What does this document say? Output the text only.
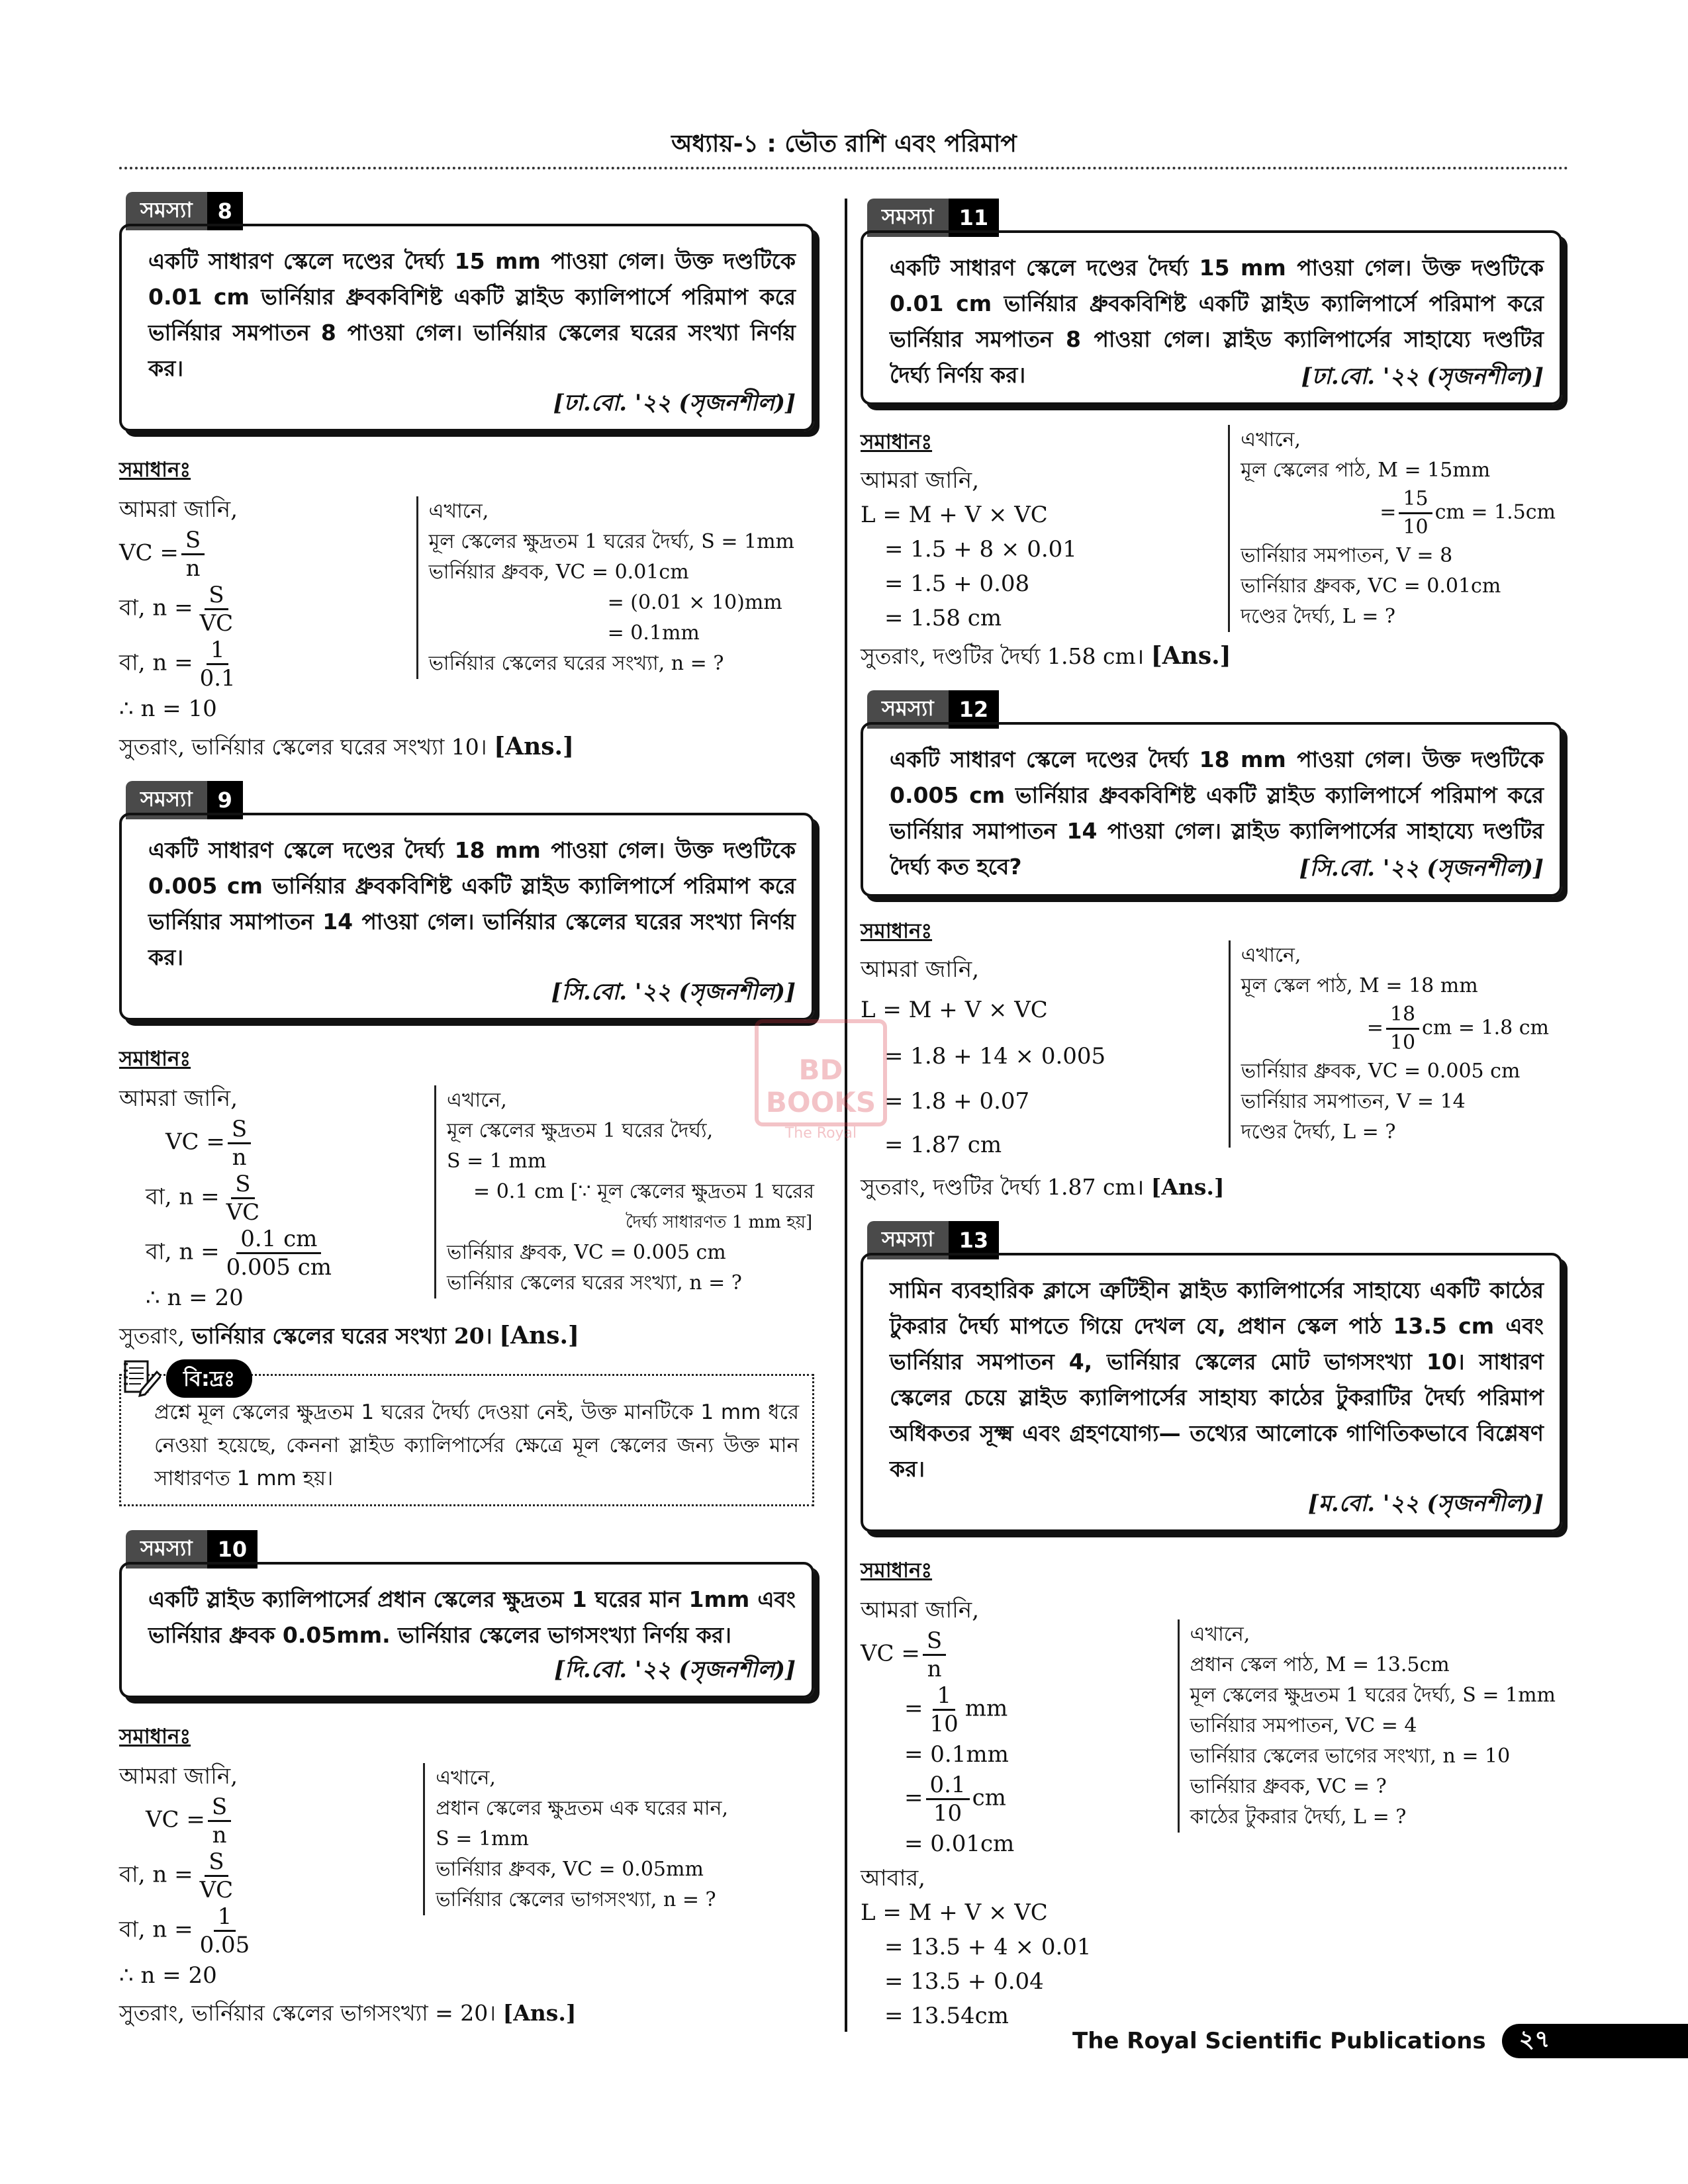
অধ্যায়-১ : ভৌত রাশি এবং পরিমাপ
সমস্যা	8
একটি সাধারণ স্কেলে দণ্ডের দৈর্ঘ্য 15 mm পাওয়া গেল। উক্ত দণ্ডটিকে 0.01 cm ভার্নিয়ার ধ্রুবকবিশিষ্ট একটি স্লাইড ক্যালিপার্সে পরিমাপ করে ভার্নিয়ার সমপাতন 8 পাওয়া গেল। ভার্নিয়ার স্কেলের ঘরের সংখ্যা নির্ণয় কর।
[ঢা.বো. '২২ (সৃজনশীল)]
সমাধানঃ
আমরা জানি,
VC = $\frac{S}{n}$
বা, $n = \frac{S}{VC}$
বা, $n = \frac{1}{0.1}$
∴ n = 10
এখানে,
মূল স্কেলের ক্ষুদ্রতম 1 ঘরের দৈর্ঘ্য, S = 1mm
ভার্নিয়ার ধ্রুবক, VC = 0.01cm
= (0.01 × 10)mm
= 0.1mm
ভার্নিয়ার স্কেলের ঘরের সংখ্যা, n = ?
সুতরাং, ভার্নিয়ার স্কেলের ঘরের সংখ্যা 10। [Ans.]
সমস্যা	9
একটি সাধারণ স্কেলে দণ্ডের দৈর্ঘ্য 18 mm পাওয়া গেল। উক্ত দণ্ডটিকে 0.005 cm ভার্নিয়ার ধ্রুবকবিশিষ্ট একটি স্লাইড ক্যালিপার্সে পরিমাপ করে ভার্নিয়ার সমাপাতন 14 পাওয়া গেল। ভার্নিয়ার স্কেলের ঘরের সংখ্যা নির্ণয় কর।
[সি.বো. '২২ (সৃজনশীল)]
সমাধানঃ
আমরা জানি,
VC = $\frac{S}{n}$
বা, $n = \frac{S}{VC}$
বা, $n = \frac{0.1 cm}{0.005 cm}$
∴ n = 20
এখানে,
মূল স্কেলের ক্ষুদ্রতম 1 ঘরের দৈর্ঘ্য,
S = 1 mm
= 0.1 cm [∵ মূল স্কেলের ক্ষুদ্রতম 1 ঘরের
দৈর্ঘ্য সাধারণত 1 mm হয়]
ভার্নিয়ার ধ্রুবক, VC = 0.005 cm
ভার্নিয়ার স্কেলের ঘরের সংখ্যা, n = ?
সুতরাং, ভার্নিয়ার স্কেলের ঘরের সংখ্যা 20। [Ans.]
বি:দ্রঃ
প্রশ্নে মূল স্কেলের ক্ষুদ্রতম 1 ঘরের দৈর্ঘ্য দেওয়া নেই, উক্ত মানটিকে 1 mm ধরে নেওয়া হয়েছে, কেননা স্লাইড ক্যালিপার্সের ক্ষেত্রে মূল স্কেলের জন্য উক্ত মান সাধারণত 1 mm হয়।
সমস্যা	10
একটি স্লাইড ক্যালিপাসের্র প্রধান স্কেলের ক্ষুদ্রতম 1 ঘরের মান 1mm এবং ভার্নিয়ার ধ্রুবক 0.05mm. ভার্নিয়ার স্কেলের ভাগসংখ্যা নির্ণয় কর।
[দি.বো. '২২ (সৃজনশীল)]
সমাধানঃ
আমরা জানি,
VC = $\frac{S}{n}$
বা, $n = \frac{S}{VC}$
বা, $n = \frac{1}{0.05}$
∴ n = 20
এখানে,
প্রধান স্কেলের ক্ষুদ্রতম এক ঘরের মান,
S = 1mm
ভার্নিয়ার ধ্রুবক, VC = 0.05mm
ভার্নিয়ার স্কেলের ভাগসংখ্যা, n = ?
সুতরাং, ভার্নিয়ার স্কেলের ভাগসংখ্যা = 20। [Ans.]
সমস্যা	11
একটি সাধারণ স্কেলে দণ্ডের দৈর্ঘ্য 15 mm পাওয়া গেল। উক্ত দণ্ডটিকে 0.01 cm ভার্নিয়ার ধ্রুবকবিশিষ্ট একটি স্লাইড ক্যালিপার্সে পরিমাপ করে ভার্নিয়ার সমপাতন 8 পাওয়া গেল। স্লাইড ক্যালিপার্সের সাহায্যে দণ্ডটির দৈর্ঘ্য নির্ণয় কর।	[ঢা.বো. '২২ (সৃজনশীল)]
সমাধানঃ
আমরা জানি,
L = M + V × VC
= 1.5 + 8 × 0.01
= 1.5 + 0.08
= 1.58 cm
এখানে,
মূল স্কেলের পাঠ, M = 15mm
= $\frac{15}{10}$ cm = 1.5cm
ভার্নিয়ার সমপাতন, V = 8
ভার্নিয়ার ধ্রুবক, VC = 0.01cm
দণ্ডের দৈর্ঘ্য, L = ?
সুতরাং, দণ্ডটির দৈর্ঘ্য 1.58 cm। [Ans.]
সমস্যা	12
একটি সাধারণ স্কেলে দণ্ডের দৈর্ঘ্য 18 mm পাওয়া গেল। উক্ত দণ্ডটিকে 0.005 cm ভার্নিয়ার ধ্রুবকবিশিষ্ট একটি স্লাইড ক্যালিপার্সে পরিমাপ করে ভার্নিয়ার সমাপাতন 14 পাওয়া গেল। স্লাইড ক্যালিপার্সের সাহায্যে দণ্ডটির দৈর্ঘ্য কত হবে?	[সি.বো. '২২ (সৃজনশীল)]
সমাধানঃ
আমরা জানি,
L = M + V × VC
= 1.8 + 14 × 0.005
= 1.8 + 0.07
= 1.87 cm
এখানে,
মূল স্কেল পাঠ, M = 18 mm
= $\frac{18}{10}$ cm = 1.8 cm
ভার্নিয়ার ধ্রুবক, VC = 0.005 cm
ভার্নিয়ার সমপাতন, V = 14
দণ্ডের দৈর্ঘ্য, L = ?
সুতরাং, দণ্ডটির দৈর্ঘ্য 1.87 cm। [Ans.]
সমস্যা	13
সামিন ব্যবহারিক ক্লাসে ত্রুটিহীন স্লাইড ক্যালিপার্সের সাহায্যে একটি কাঠের টুকরার দৈর্ঘ্য মাপতে গিয়ে দেখল যে, প্রধান স্কেল পাঠ 13.5 cm এবং ভার্নিয়ার সমপাতন 4, ভার্নিয়ার স্কেলের মোট ভাগসংখ্যা 10। সাধারণ স্কেলের চেয়ে স্লাইড ক্যালিপার্সের সাহায্য কাঠের টুকরাটির দৈর্ঘ্য পরিমাপ অধিকতর সূক্ষ্ম এবং গ্রহণযোগ্য— তথ্যের আলোকে গাণিতিকভাবে বিশ্লেষণ কর।
[ম.বো. '২২ (সৃজনশীল)]
সমাধানঃ
আমরা জানি,
VC = $\frac{S}{n}$
= $\frac{1}{10}$ mm
= 0.1mm
= $\frac{0.1}{10}$ cm
= 0.01cm
আবার,
L = M + V × VC
= 13.5 + 4 × 0.01
= 13.5 + 0.04
= 13.54cm
এখানে,
প্রধান স্কেল পাঠ, M = 13.5cm
মূল স্কেলের ক্ষুদ্রতম 1 ঘরের দৈর্ঘ্য, S = 1mm
ভার্নিয়ার সমপাতন, VC = 4
ভার্নিয়ার স্কেলের ভাগের সংখ্যা, n = 10
ভার্নিয়ার ধ্রুবক, VC = ?
কাঠের টুকরার দৈর্ঘ্য, L = ?
BD BOOKS
The Royal
The Royal Scientific Publications ২৭
